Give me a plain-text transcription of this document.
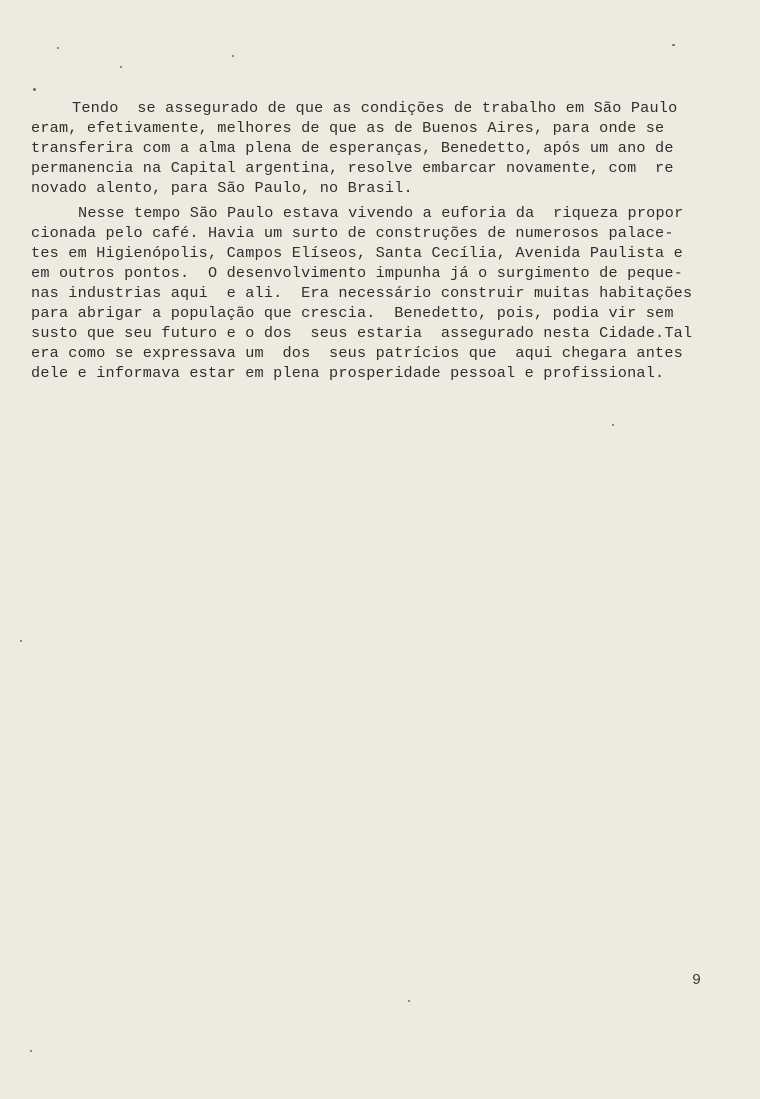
Tendo  se assegurado de que as condições de trabalho em São Paulo
eram, efetivamente, melhores de que as de Buenos Aires, para onde se
transferira com a alma plena de esperanças, Benedetto, após um ano de
permanencia na Capital argentina, resolve embarcar novamente, com  re
novado alento, para São Paulo, no Brasil.
Nesse tempo São Paulo estava vivendo a euforia da  riqueza propor
cionada pelo café. Havia um surto de construções de numerosos palace-
tes em Higienópolis, Campos Elíseos, Santa Cecília, Avenida Paulista e
em outros pontos.  O desenvolvimento impunha já o surgimento de peque-
nas industrias aqui  e ali.  Era necessário construir muitas habitações
para abrigar a população que crescia.  Benedetto, pois, podia vir sem
susto que seu futuro e o dos  seus estaria  assegurado nesta Cidade.Tal
era como se expressava um  dos  seus patrícios que  aqui chegara antes
dele e informava estar em plena prosperidade pessoal e profissional.
9
